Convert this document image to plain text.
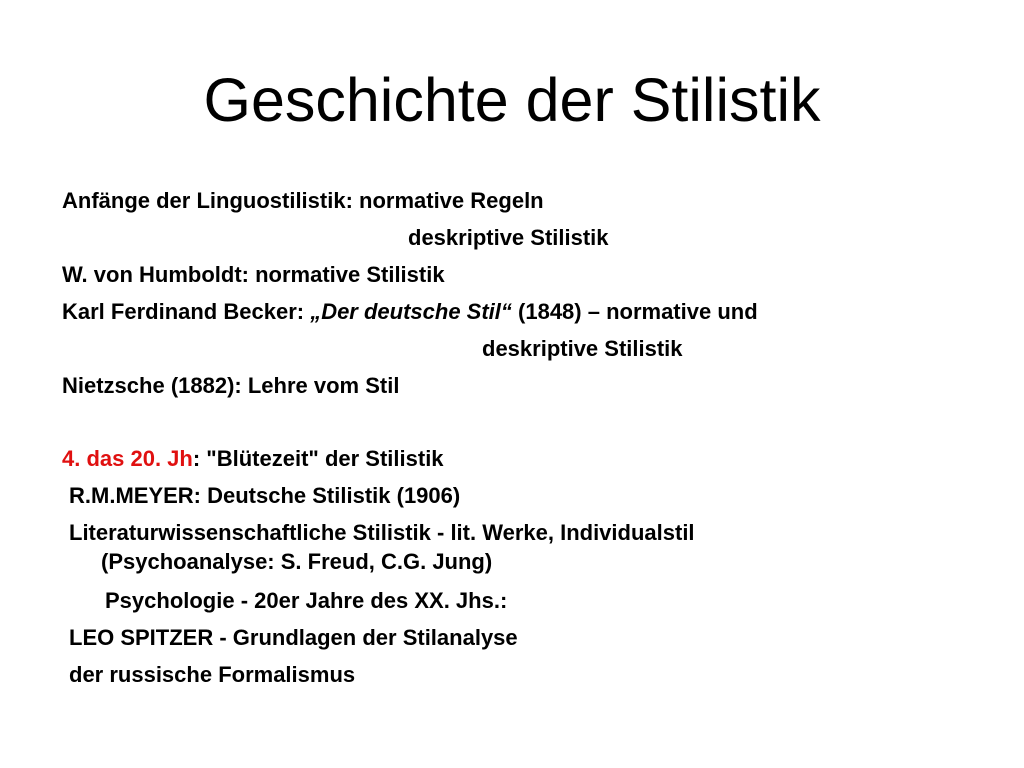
Geschichte der Stilistik

Anfänge der Linguostilistik: normative Regeln

deskriptive Stilistik

W. von Humboldt: normative Stilistik

Karl Ferdinand Becker: „Der deutsche Stil“ (1848) – normative und

deskriptive Stilistik

Nietzsche (1882): Lehre vom Stil

4. das 20. Jh: "Blütezeit" der Stilistik

R.M.MEYER: Deutsche Stilistik (1906)

Literaturwissenschaftliche Stilistik - lit. Werke, Individualstil

(Psychoanalyse: S. Freud, C.G. Jung)

Psychologie - 20er Jahre des XX. Jhs.:

LEO SPITZER - Grundlagen der Stilanalyse

der russische Formalismus
